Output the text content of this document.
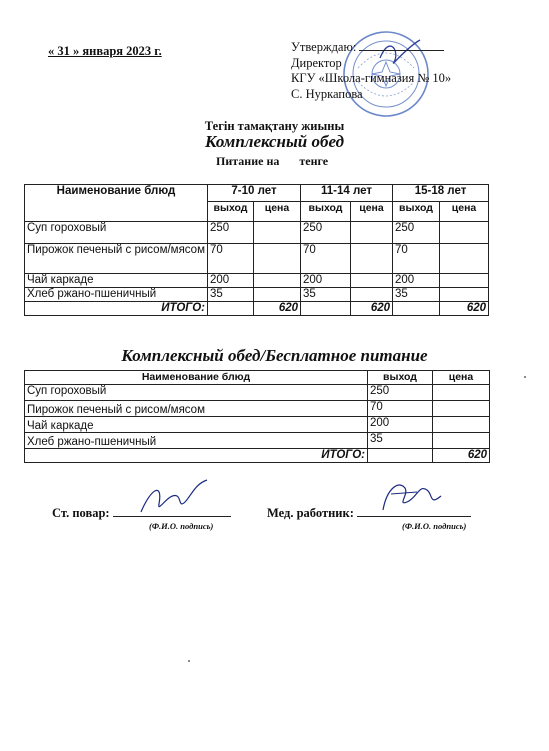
« 31 » января 2023 г.	Утверждаю:
Директор
КГУ «Школа-гимназия № 10»
С. Нуркапова
Тегін тамақтану жиыны
Комплексный обед
Питание на тенге
Наименование блюд	7-10 лет		11-14 лет		15-18 лет	
	выход	цена	выход	цена	выход	цена
Суп гороховый	250		250		250	
Пирожок печеный с рисом/мясом	70		70		70	
Чай каркаде	200		200		200	
Хлеб ржано-пшеничный	35		35		35	
ИТОГО:		620		620		620
Комплексный обед/Бесплатное питание
Наименование блюд	выход	цена
Суп гороховый	250	
Пирожок печеный с рисом/мясом	70	
Чай каркаде	200	
Хлеб ржано-пшеничный	35	
ИТОГО:		620
Ст. повар:
(Ф.И.О. подпись)
Мед. работник:
(Ф.И.О. подпись)
